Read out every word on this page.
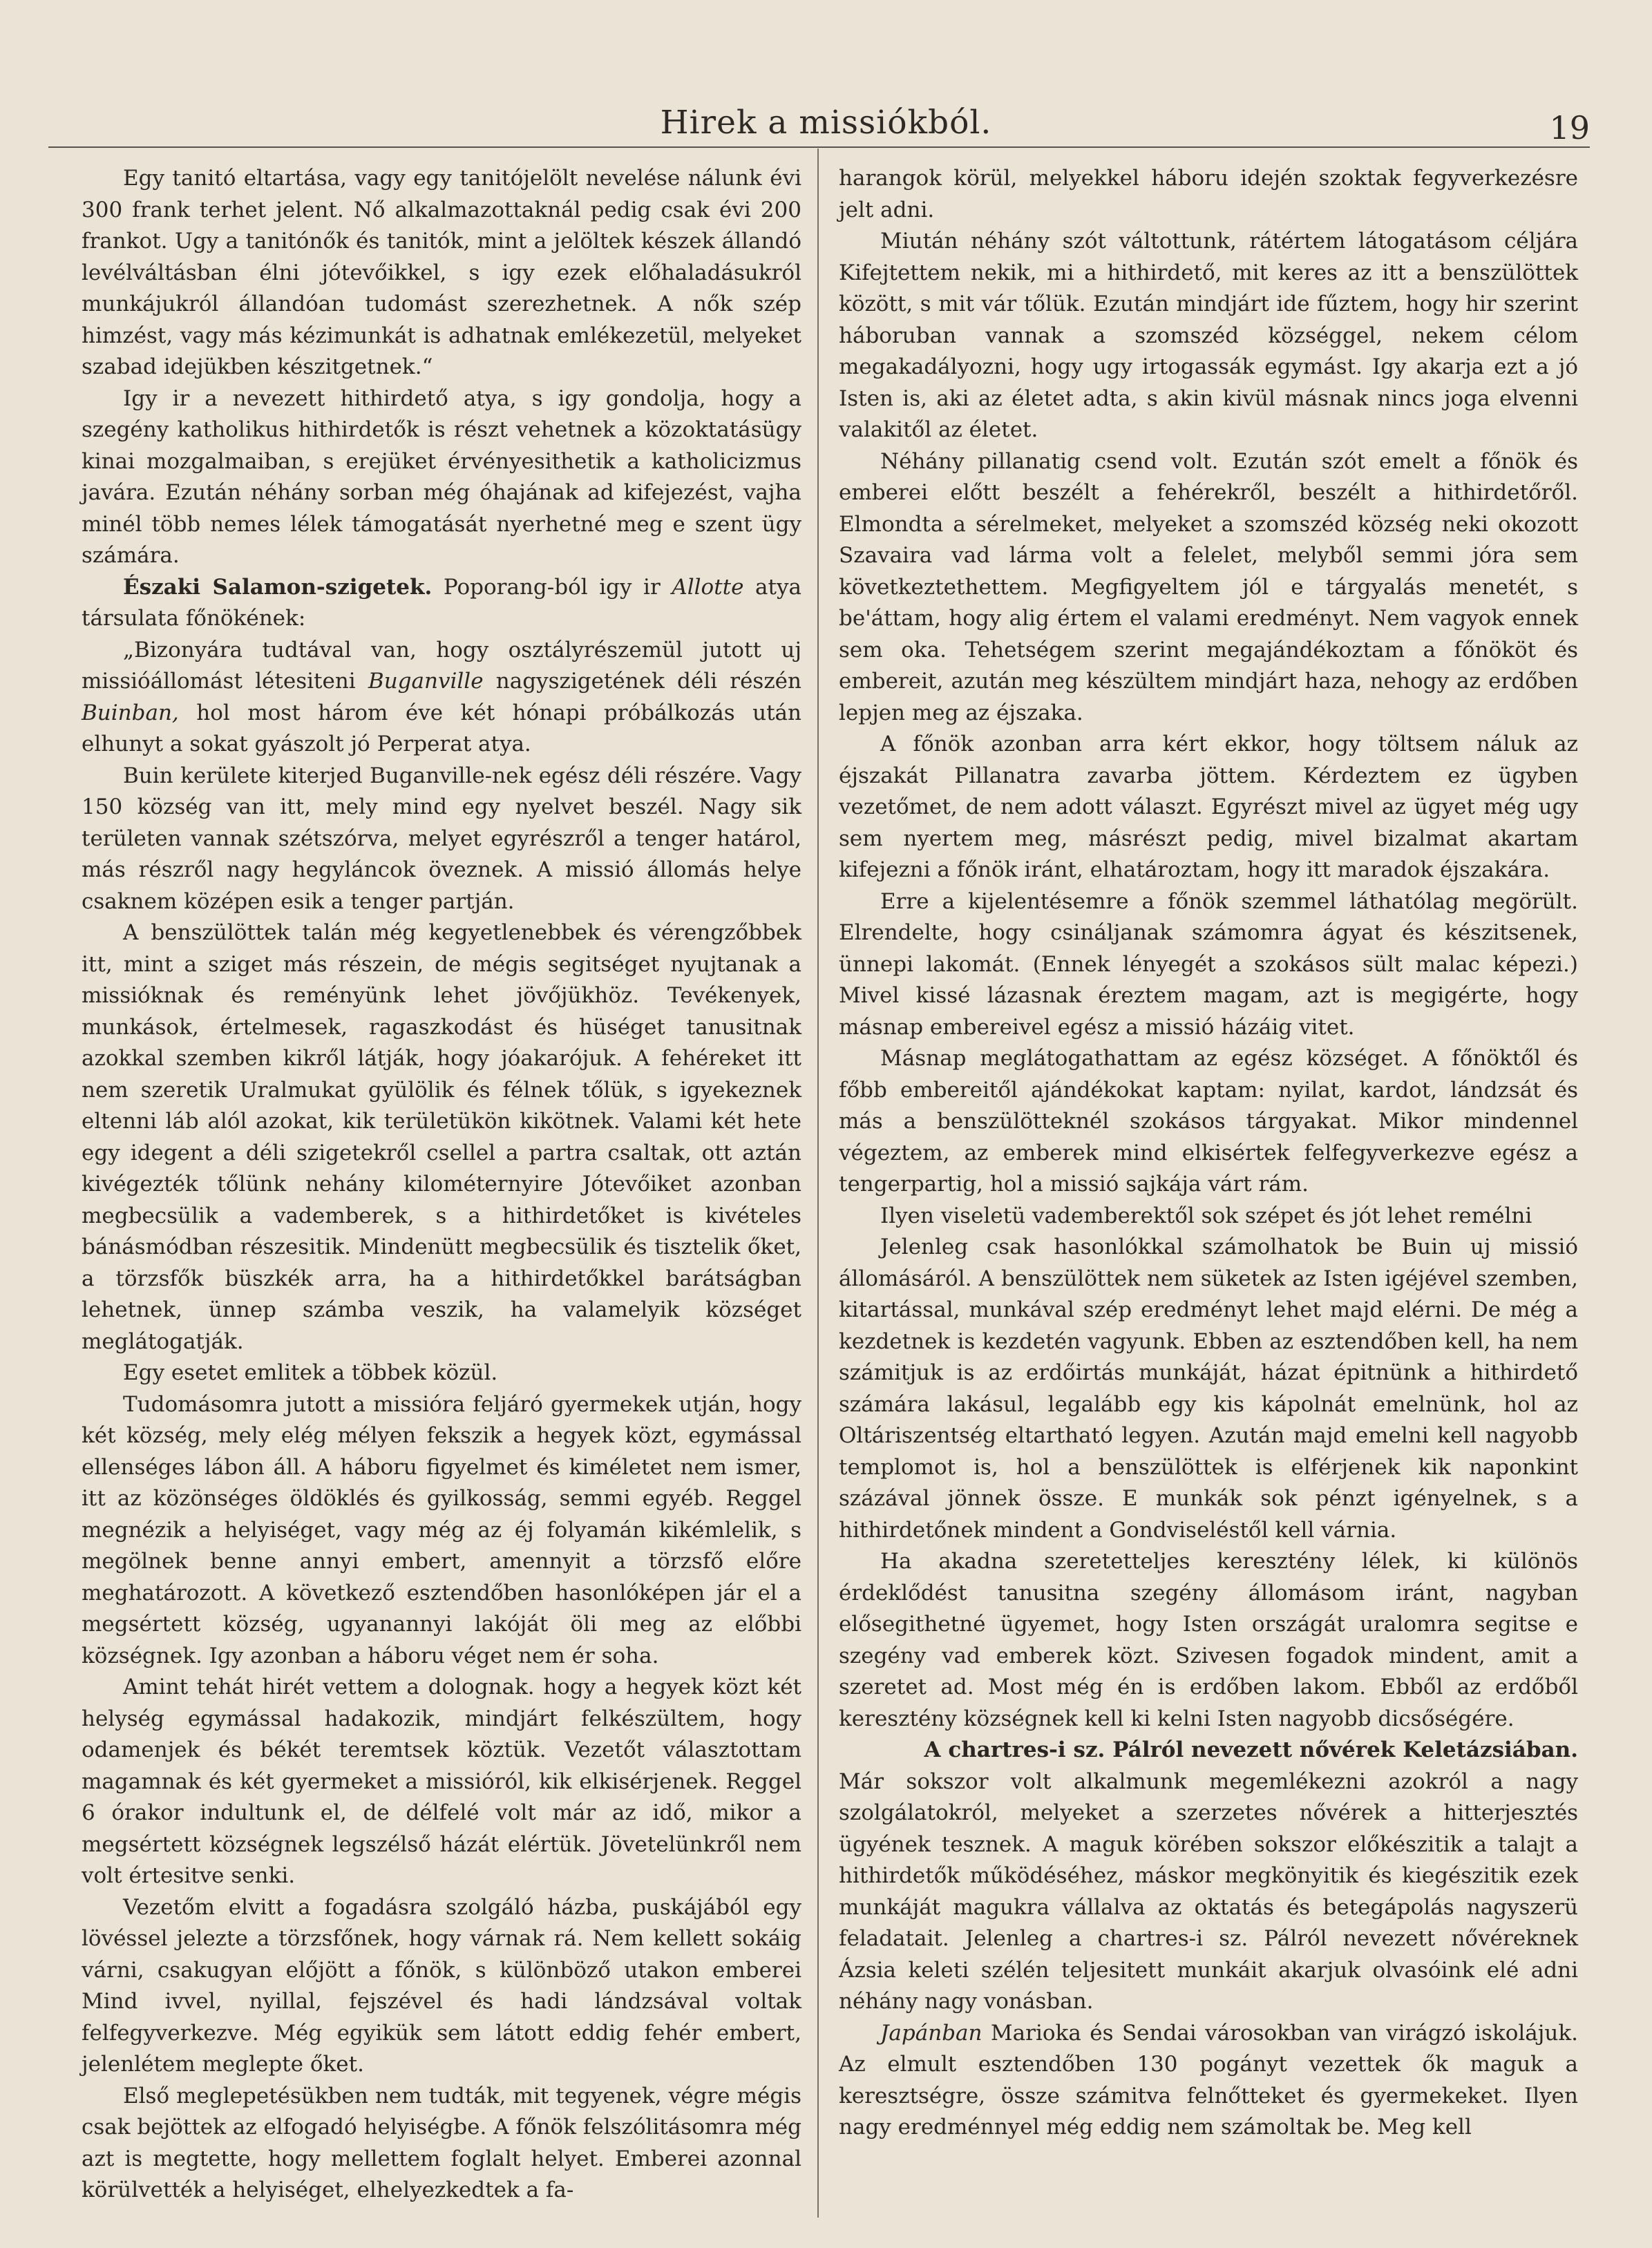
Hirek a missiókból.	19

Egy tanitó eltartása, vagy egy tanitójelölt nevelése nálunk évi 300 frank terhet jelent. Nő alkalmazottaknál pedig csak évi 200 frankot. Ugy a tanitónők és tanitók, mint a jelöltek készek állandó levélváltásban élni jótevőikkel, s igy ezek előhaladásukról munkájukról állandóan tudomást szerezhetnek. A nők szép himzést, vagy más kézimunkát is adhatnak emlékezetül, melyeket szabad idejükben készitgetnek.“

Igy ir a nevezett hithirdető atya, s igy gondolja, hogy a szegény katholikus hithirdetők is részt vehetnek a közoktatásügy kinai mozgalmaiban, s erejüket érvényesithetik a katholicizmus javára. Ezután néhány sorban még óhajának ad kifejezést, vajha minél több nemes lélek támogatását nyerhetné meg e szent ügy számára.

Északi Salamon-szigetek. Poporang-ból igy ir Allotte atya társulata főnökének:

„Bizonyára tudtával van, hogy osztályrészemül jutott uj missióállomást létesiteni Buganville nagyszigetének déli részén Buinban, hol most három éve két hónapi próbálkozás után elhunyt a sokat gyászolt jó Perperat atya.

Buin kerülete kiterjed Buganville-nek egész déli részére. Vagy 150 község van itt, mely mind egy nyelvet beszél. Nagy sik területen vannak szétszórva, melyet egyrészről a tenger határol, más részről nagy hegyláncok öveznek. A missió állomás helye csaknem középen esik a tenger partján.

A benszülöttek talán még kegyetlenebbek és vérengzőbbek itt, mint a sziget más részein, de mégis segitséget nyujtanak a missióknak és reményünk lehet jövőjükhöz. Tevékenyek, munkások, értelmesek, ragaszkodást és hüséget tanusitnak azokkal szemben kikről látják, hogy jóakarójuk. A fehéreket itt nem szeretik Uralmukat gyülölik és félnek tőlük, s igyekeznek eltenni láb alól azokat, kik területükön kikötnek. Valami két hete egy idegent a déli szigetekről csellel a partra csaltak, ott aztán kivégezték tőlünk nehány kilométernyire Jótevőiket azonban megbecsülik a vademberek, s a hithirdetőket is kivételes bánásmódban részesitik. Mindenütt megbecsülik és tisztelik őket, a törzsfők büszkék arra, ha a hithirdetőkkel barátságban lehetnek, ünnep számba veszik, ha valamelyik községet meglátogatják.

Egy esetet emlitek a többek közül.

Tudomásomra jutott a missióra feljáró gyermekek utján, hogy két község, mely elég mélyen fekszik a hegyek közt, egymással ellenséges lábon áll. A háboru figyelmet és kiméletet nem ismer, itt az közönséges öldöklés és gyilkosság, semmi egyéb. Reggel megnézik a helyiséget, vagy még az éj folyamán kikémlelik, s megölnek benne annyi embert, amennyit a törzsfő előre meghatározott. A következő esztendőben hasonlóképen jár el a megsértett község, ugyanannyi lakóját öli meg az előbbi községnek. Igy azonban a háboru véget nem ér soha.

Amint tehát hirét vettem a dolognak. hogy a hegyek közt két helység egymással hadakozik, mindjárt felkészültem, hogy odamenjek és békét teremtsek köztük. Vezetőt választottam magamnak és két gyermeket a missióról, kik elkisérjenek. Reggel 6 órakor indultunk el, de délfelé volt már az idő, mikor a megsértett községnek legszélső házát elértük. Jövetelünkről nem volt értesitve senki.

Vezetőm elvitt a fogadásra szolgáló házba, puskájából egy lövéssel jelezte a törzsfőnek, hogy várnak rá. Nem kellett sokáig várni, csakugyan előjött a főnök, s különböző utakon emberei Mind ivvel, nyillal, fejszével és hadi lándzsával voltak felfegyverkezve. Még egyikük sem látott eddig fehér embert, jelenlétem meglepte őket.

Első meglepetésükben nem tudták, mit tegyenek, végre mégis csak bejöttek az elfogadó helyiségbe. A főnök felszólitásomra még azt is megtette, hogy mellettem foglalt helyet. Emberei azonnal körülvették a helyiséget, elhelyezkedtek a fa-

harangok körül, melyekkel háboru idején szoktak fegyverkezésre jelt adni.

Miután néhány szót váltottunk, rátértem látogatásom céljára Kifejtettem nekik, mi a hithirdető, mit keres az itt a benszülöttek között, s mit vár tőlük. Ezután mindjárt ide fűztem, hogy hir szerint háboruban vannak a szomszéd községgel, nekem célom megakadályozni, hogy ugy irtogassák egymást. Igy akarja ezt a jó Isten is, aki az életet adta, s akin kivül másnak nincs joga elvenni valakitől az életet.

Néhány pillanatig csend volt. Ezután szót emelt a főnök és emberei előtt beszélt a fehérekről, beszélt a hithirdetőről. Elmondta a sérelmeket, melyeket a szomszéd község neki okozott Szavaira vad lárma volt a felelet, melyből semmi jóra sem következtethettem. Megfigyeltem jól e tárgyalás menetét, s be'áttam, hogy alig értem el valami eredményt. Nem vagyok ennek sem oka. Tehetségem szerint megajándékoztam a főnököt és embereit, azután meg készültem mindjárt haza, nehogy az erdőben lepjen meg az éjszaka.

A főnök azonban arra kért ekkor, hogy töltsem náluk az éjszakát Pillanatra zavarba jöttem. Kérdeztem ez ügyben vezetőmet, de nem adott választ. Egyrészt mivel az ügyet még ugy sem nyertem meg, másrészt pedig, mivel bizalmat akartam kifejezni a főnök iránt, elhatároztam, hogy itt maradok éjszakára.

Erre a kijelentésemre a főnök szemmel láthatólag megörült. Elrendelte, hogy csináljanak számomra ágyat és készitsenek, ünnepi lakomát. (Ennek lényegét a szokásos sült malac képezi.) Mivel kissé lázasnak éreztem magam, azt is megigérte, hogy másnap embereivel egész a missió házáig vitet.

Másnap meglátogathattam az egész községet. A főnöktől és főbb embereitől ajándékokat kaptam: nyilat, kardot, lándzsát és más a benszülötteknél szokásos tárgyakat. Mikor mindennel végeztem, az emberek mind elkisértek felfegyverkezve egész a tengerpartig, hol a missió sajkája várt rám.

Ilyen viseletü vademberektől sok szépet és jót lehet remélni

Jelenleg csak hasonlókkal számolhatok be Buin uj missió állomásáról. A benszülöttek nem süketek az Isten igéjével szemben, kitartással, munkával szép eredményt lehet majd elérni. De még a kezdetnek is kezdetén vagyunk. Ebben az esztendőben kell, ha nem számitjuk is az erdőirtás munkáját, házat épitnünk a hithirdető számára lakásul, legalább egy kis kápolnát emelnünk, hol az Oltáriszentség eltartható legyen. Azután majd emelni kell nagyobb templomot is, hol a benszülöttek is elférjenek kik naponkint százával jönnek össze. E munkák sok pénzt igényelnek, s a hithirdetőnek mindent a Gondviseléstől kell várnia.

Ha akadna szeretetteljes keresztény lélek, ki különös érdeklődést tanusitna szegény állomásom iránt, nagyban elősegithetné ügyemet, hogy Isten országát uralomra segitse e szegény vad emberek közt. Szivesen fogadok mindent, amit a szeretet ad. Most még én is erdőben lakom. Ebből az erdőből keresztény községnek kell ki kelni Isten nagyobb dicsőségére.

A chartres-i sz. Pálról nevezett nővérek Keletázsiában.

Már sokszor volt alkalmunk megemlékezni azokról a nagy szolgálatokról, melyeket a szerzetes nővérek a hitterjesztés ügyének tesznek. A maguk körében sokszor előkészitik a talajt a hithirdetők működéséhez, máskor megkönyitik és kiegészitik ezek munkáját magukra vállalva az oktatás és betegápolás nagyszerü feladatait. Jelenleg a chartres-i sz. Pálról nevezett nővéreknek Ázsia keleti szélén teljesitett munkáit akarjuk olvasóink elé adni néhány nagy vonásban.

Japánban Marioka és Sendai városokban van virágzó iskolájuk. Az elmult esztendőben 130 pogányt vezettek ők maguk a keresztségre, össze számitva felnőtteket és gyermekeket. Ilyen nagy eredménnyel még eddig nem számoltak be. Meg kell
